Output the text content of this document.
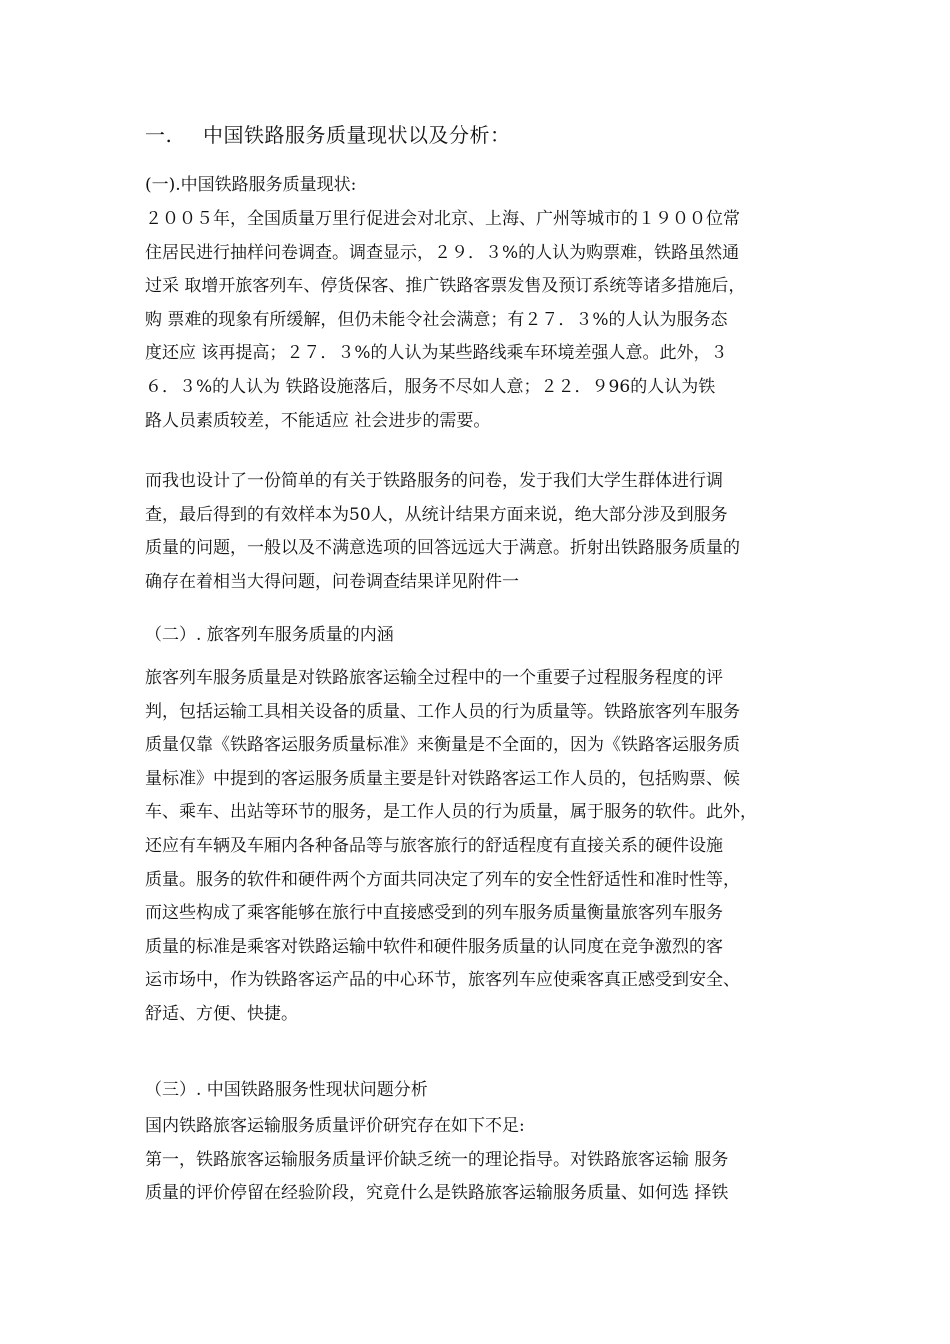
一. 中国铁路服务质量现状以及分析：
(一).中国铁路服务质量现状:
２００５年，全国质量万里行促进会对北京、上海、广州等城市的１９００位常
住居民进行抽样问卷调查。调查显示，２９．３%的人认为购票难，铁路虽然通
过采 取增开旅客列车、停货保客、推广铁路客票发售及预订系统等诸多措施后，
购 票难的现象有所缓解，但仍未能令社会满意；有２７．３%的人认为服务态
度还应 该再提高；２７．３%的人认为某些路线乘车环境差强人意。此外，３
６．３%的人认为 铁路设施落后，服务不尽如人意；２２．９96的人认为铁
路人员素质较差，不能适应 社会进步的需要。
而我也设计了一份简单的有关于铁路服务的问卷，发于我们大学生群体进行调
查，最后得到的有效样本为50人，从统计结果方面来说，绝大部分涉及到服务
质量的问题，一般以及不满意选项的回答远远大于满意。折射出铁路服务质量的
确存在着相当大得问题，问卷调查结果详见附件一
（二）. 旅客列车服务质量的内涵
旅客列车服务质量是对铁路旅客运输全过程中的一个重要子过程服务程度的评
判，包括运输工具相关设备的质量、工作人员的行为质量等。铁路旅客列车服务
质量仅靠《铁路客运服务质量标准》来衡量是不全面的，因为《铁路客运服务质
量标准》中提到的客运服务质量主要是针对铁路客运工作人员的，包括购票、候
车、乘车、出站等环节的服务，是工作人员的行为质量，属于服务的软件。此外，
还应有车辆及车厢内各种备品等与旅客旅行的舒适程度有直接关系的硬件设施
质量。服务的软件和硬件两个方面共同决定了列车的安全性舒适性和准时性等，
而这些构成了乘客能够在旅行中直接感受到的列车服务质量衡量旅客列车服务
质量的标准是乘客对铁路运输中软件和硬件服务质量的认同度在竞争激烈的客
运市场中，作为铁路客运产品的中心环节，旅客列车应使乘客真正感受到安全、
舒适、方便、快捷。
（三）. 中国铁路服务性现状问题分析
国内铁路旅客运输服务质量评价研究存在如下不足:
第一，铁路旅客运输服务质量评价缺乏统一的理论指导。对铁路旅客运输 服务
质量的评价停留在经验阶段，究竟什么是铁路旅客运输服务质量、如何选 择铁
